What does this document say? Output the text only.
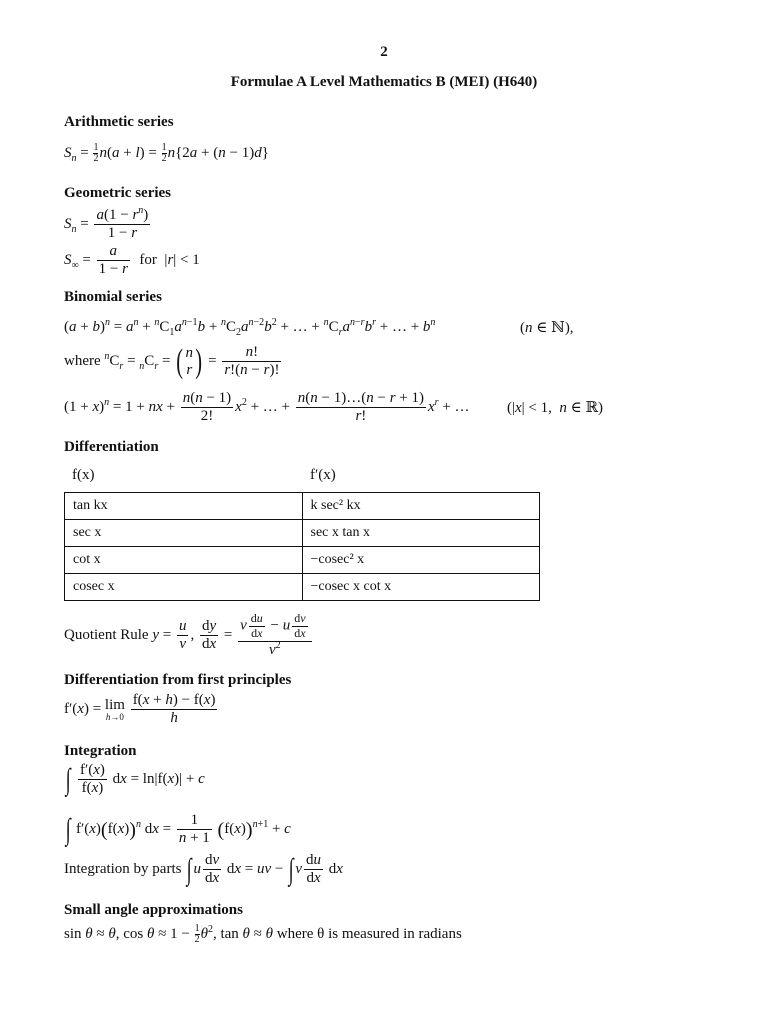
2
Formulae A Level Mathematics B (MEI) (H640)
Arithmetic series
$S_n = \frac{1}{2} n(a + l) = \frac{1}{2} n\{2a + (n - 1)d\}$
Geometric series
$S_n = \frac{a(1 - r^n)}{1 - r}$
$S_\infty = \frac{a}{1 - r}$ for  |r| < 1
Binomial series
$(a + b)^n = a^n + ^nC_1a^{n-1}b + ^nC_2a^{n-2}b^2$ + … + $^nC_ra^{n-r}b^r$ + … + $b^n$	(n ∈ ℕ),
where $^nC_r = _nC_r$ = ( n
r ) = $\frac{n!}{r!(n - r)!}$
$(1 + x)^n = 1$ + nx + $\frac{n(n - 1)}{2!} x^2$ + … + $\frac{n(n - 1)\dots(n - r + 1)}{r!} x^r$ + … (|x| < 1,  n ∈ ℝ)
Differentiation
f(x)	f′(x)
tan kx	k sec² kx
sec x	sec x tan x
cot x	−cosec² x
cosec x	−cosec x cot x
Quotient Rule $y = \frac{u}{v}$ , $\frac{dy}{dx} = \frac{v \frac{du}{dx} - u \frac{dv}{dx}}{v^2}$
Differentiation from first principles
f′(x) = lim
h→0
$\frac{f(x + h) - f(x)}{h}$
Integration
∫ $\frac{f'(x)}{f(x)}$ dx = ln|f(x)| + c
∫ $f'(x)(f(x))^n$ dx = $\frac{1}{n + 1} (f(x))^{n+1} + c$
Integration by parts ∫ u $\frac{dv}{dx}$ dx = uv − ∫ v $\frac{du}{dx}$ dx
Small angle approximations
sin θ ≈ θ, $\cos \theta \approx 1 - \frac{1}{2} \theta^2$, tan θ ≈ θ where θ is measured in radians
